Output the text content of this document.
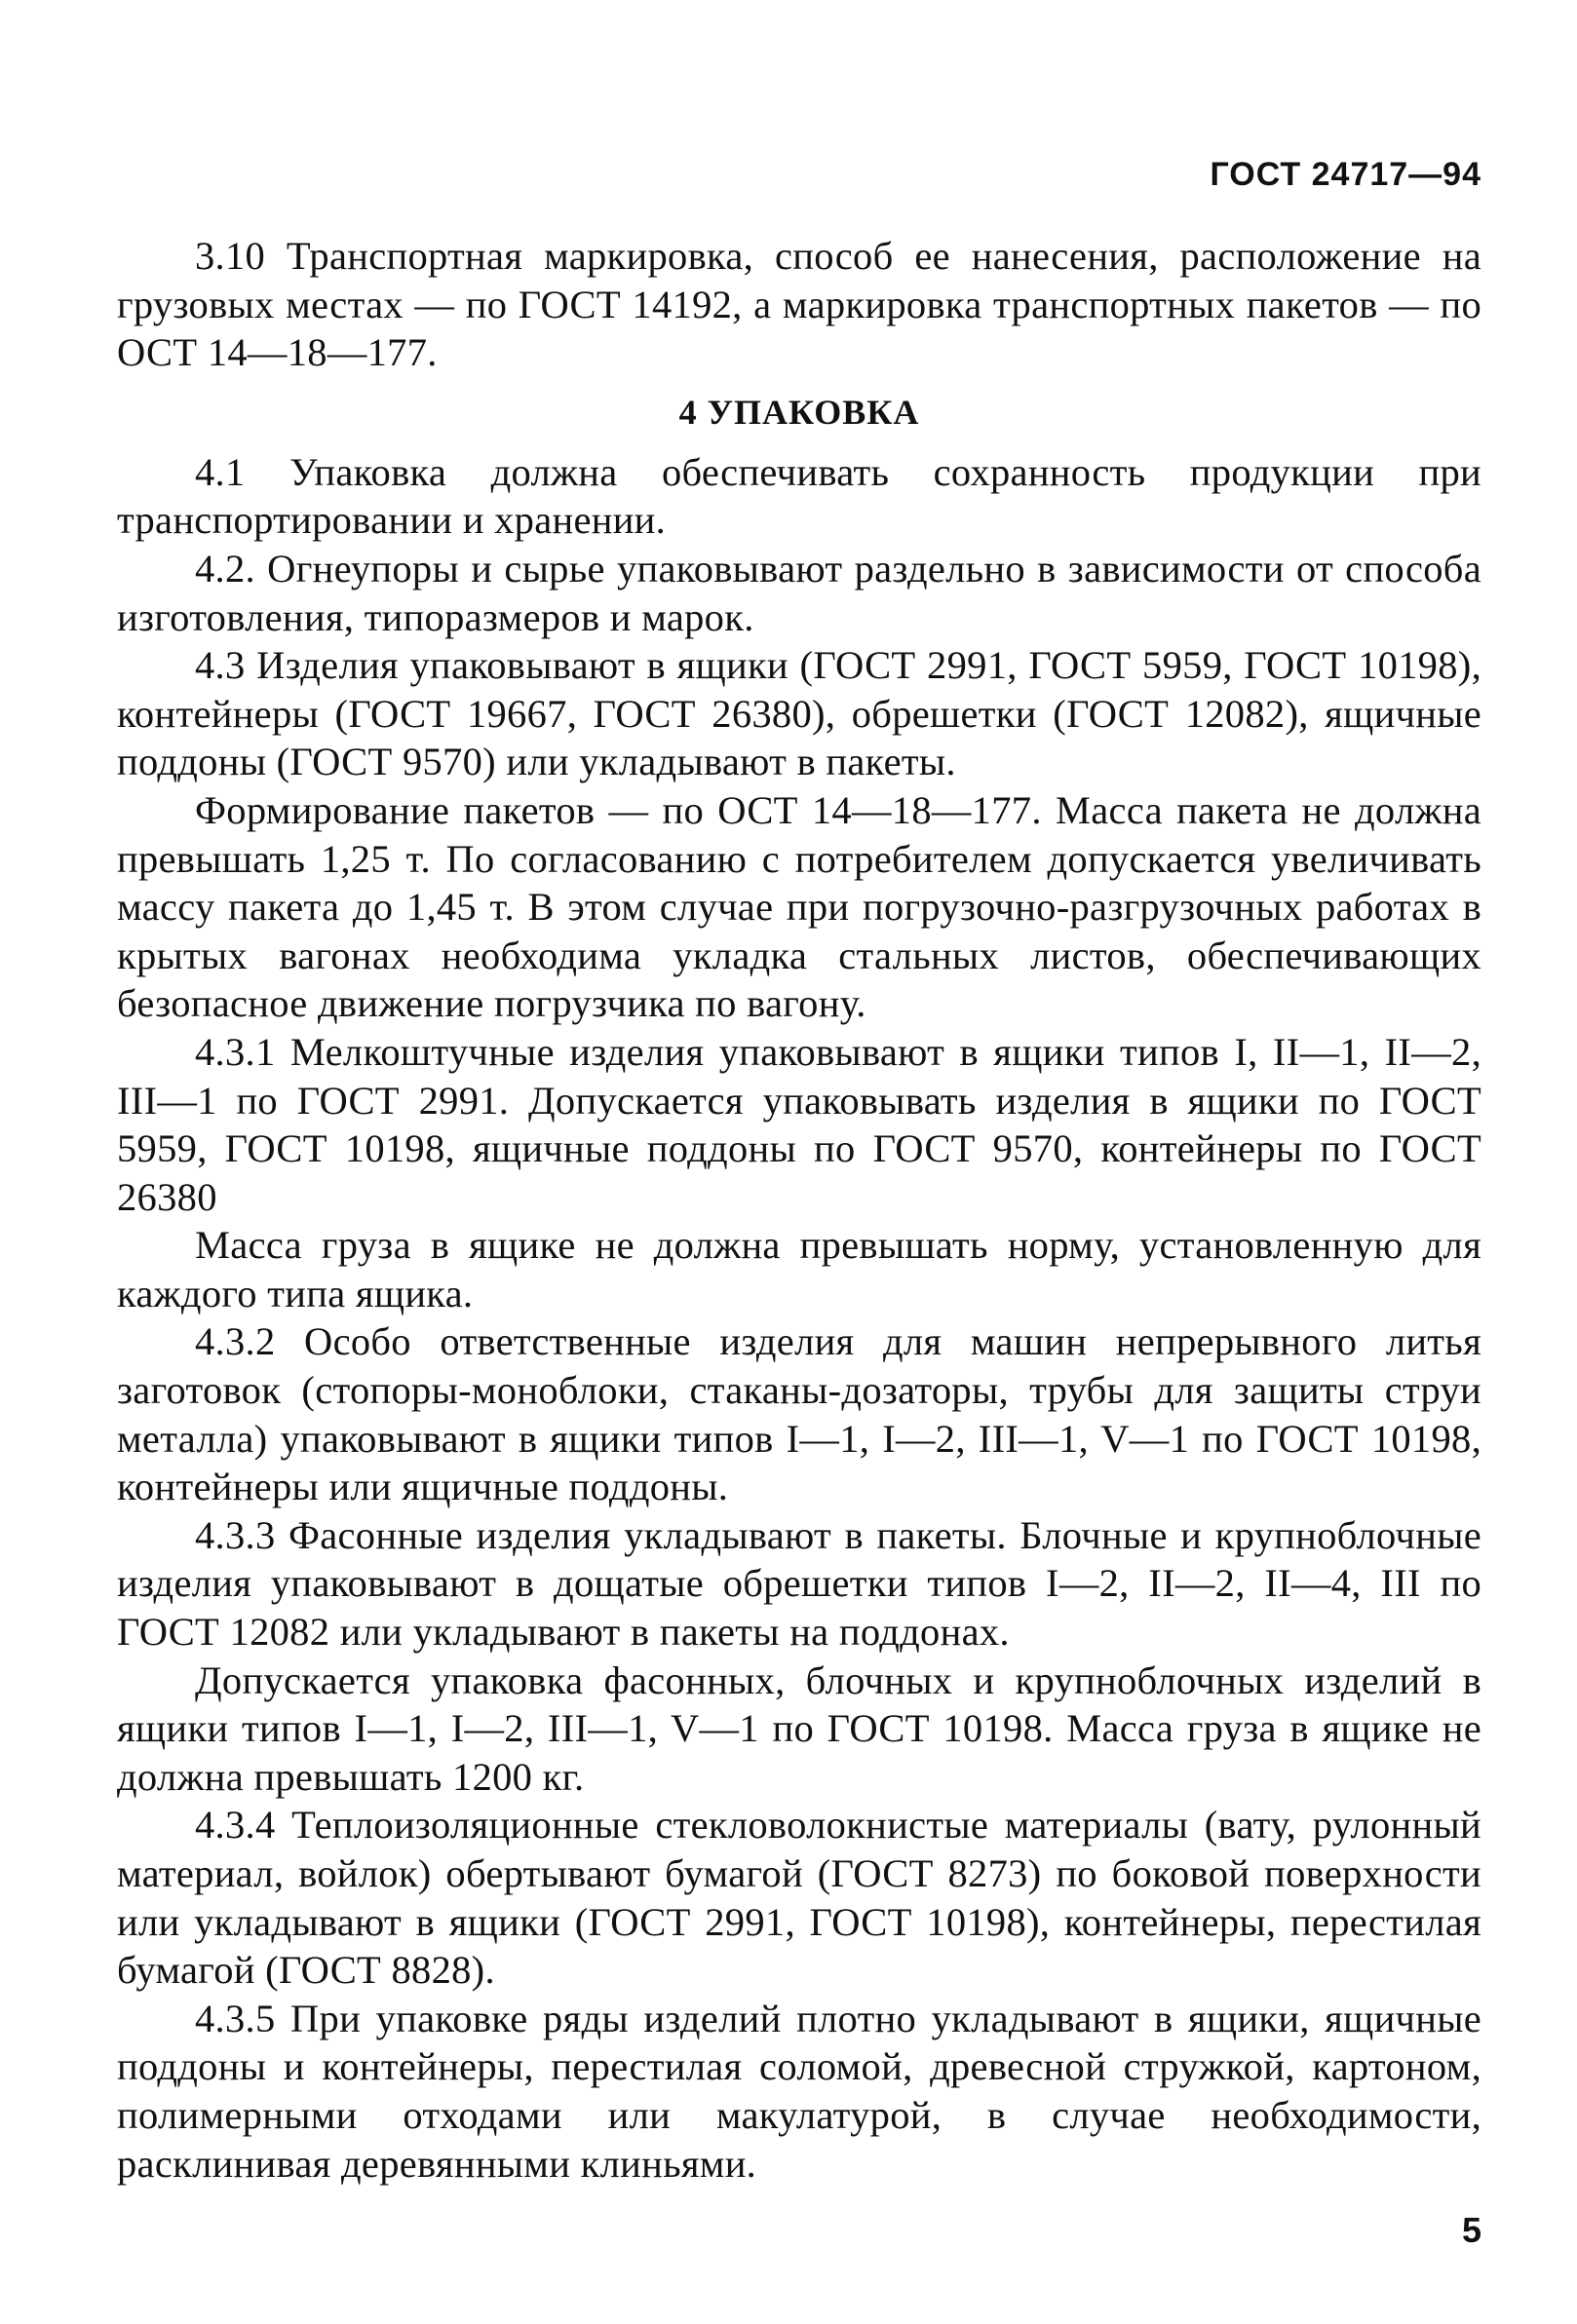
ГОСТ 24717—94

3.10 Транспортная маркировка, способ ее нанесения, расположение на грузовых местах — по ГОСТ 14192, а маркировка транспортных пакетов — по ОСТ 14—18—177.

4 УПАКОВКА

4.1 Упаковка должна обеспечивать сохранность продукции при транспортировании и хранении.

4.2. Огнеупоры и сырье упаковывают раздельно в зависимости от способа изготовления, типоразмеров и марок.

4.3 Изделия упаковывают в ящики (ГОСТ 2991, ГОСТ 5959, ГОСТ 10198), контейнеры (ГОСТ 19667, ГОСТ 26380), обрешетки (ГОСТ 12082), ящичные поддоны (ГОСТ 9570) или укладывают в пакеты.

Формирование пакетов — по ОСТ 14—18—177. Масса пакета не должна превышать 1,25 т. По согласованию с потребителем допускается увеличивать массу пакета до 1,45 т. В этом случае при погрузочно-разгрузочных работах в крытых вагонах необходима укладка стальных листов, обеспечивающих безопасное движение погрузчика по вагону.

4.3.1 Мелкоштучные изделия упаковывают в ящики типов I, II—1, II—2, III—1 по ГОСТ 2991. Допускается упаковывать изделия в ящики по ГОСТ 5959, ГОСТ 10198, ящичные поддоны по ГОСТ 9570, контейнеры по ГОСТ 26380

Масса груза в ящике не должна превышать норму, установленную для каждого типа ящика.

4.3.2 Особо ответственные изделия для машин непрерывного литья заготовок (стопоры-моноблоки, стаканы-дозаторы, трубы для защиты струи металла) упаковывают в ящики типов I—1, I—2, III—1, V—1 по ГОСТ 10198, контейнеры или ящичные поддоны.

4.3.3 Фасонные изделия укладывают в пакеты. Блочные и крупноблочные изделия упаковывают в дощатые обрешетки типов I—2, II—2, II—4, III по ГОСТ 12082 или укладывают в пакеты на поддонах.

Допускается упаковка фасонных, блочных и крупноблочных изделий в ящики типов I—1, I—2, III—1, V—1 по ГОСТ 10198. Масса груза в ящике не должна превышать 1200 кг.

4.3.4 Теплоизоляционные стекловолокнистые материалы (вату, рулонный материал, войлок) обертывают бумагой (ГОСТ 8273) по боковой поверхности или укладывают в ящики (ГОСТ 2991, ГОСТ 10198), контейнеры, перестилая бумагой (ГОСТ 8828).

4.3.5 При упаковке ряды изделий плотно укладывают в ящики, ящичные поддоны и контейнеры, перестилая соломой, древесной стружкой, картоном, полимерными отходами или макулатурой, в случае необходимости, расклинивая деревянными клиньями.

5
